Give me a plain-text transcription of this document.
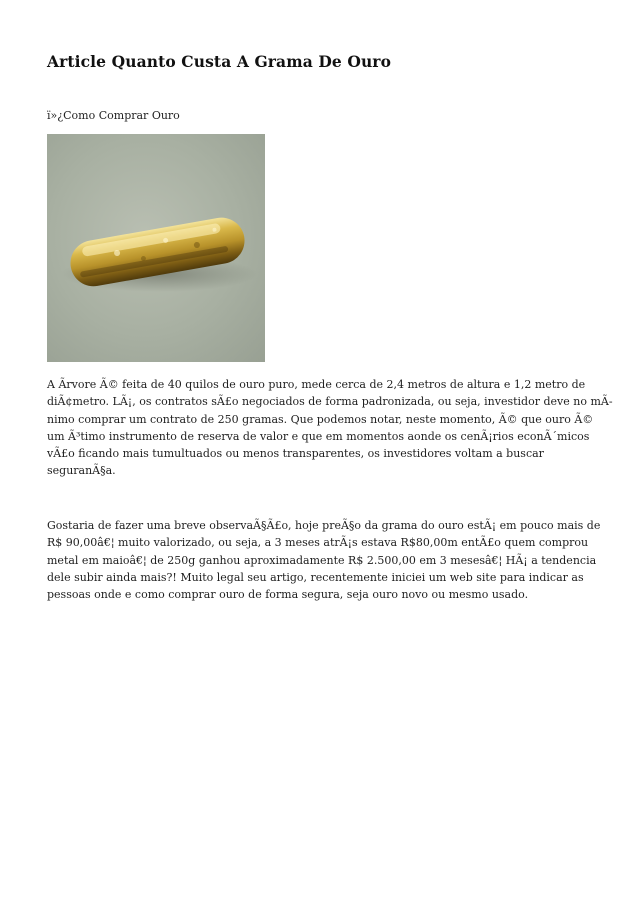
Article Quanto Custa A Grama De Ouro
ï»¿Como Comprar Ouro

A Ãrvore Ã© feita de 40 quilos de ouro puro, mede cerca de 2,4 metros de altura e 1,2 metro de
diÃ¢metro. LÃ¡, os contratos sÃ£o negociados de forma padronizada, ou seja, investidor deve no mÃ-
nimo comprar um contrato de 250 gramas. Que podemos notar, neste momento, Ã© que ouro Ã©
um Ã³timo instrumento de reserva de valor e que em momentos aonde os cenÃ¡rios econÃ´micos
vÃ£o ficando mais tumultuados ou menos transparentes, os investidores voltam a buscar
seguranÃ§a.

Gostaria de fazer uma breve observaÃ§Ã£o, hoje preÃ§o da grama do ouro estÃ¡ em pouco mais de
R$ 90,00â€¦ muito valorizado, ou seja, a 3 meses atrÃ¡s estava R$80,00m entÃ£o quem comprou
metal em maioâ€¦ de 250g ganhou aproximadamente R$ 2.500,00 em 3 mesesâ€¦ HÃ¡ a tendencia
dele subir ainda mais?! Muito legal seu artigo, recentemente iniciei um web site para indicar as
pessoas onde e como comprar ouro de forma segura, seja ouro novo ou mesmo usado.
